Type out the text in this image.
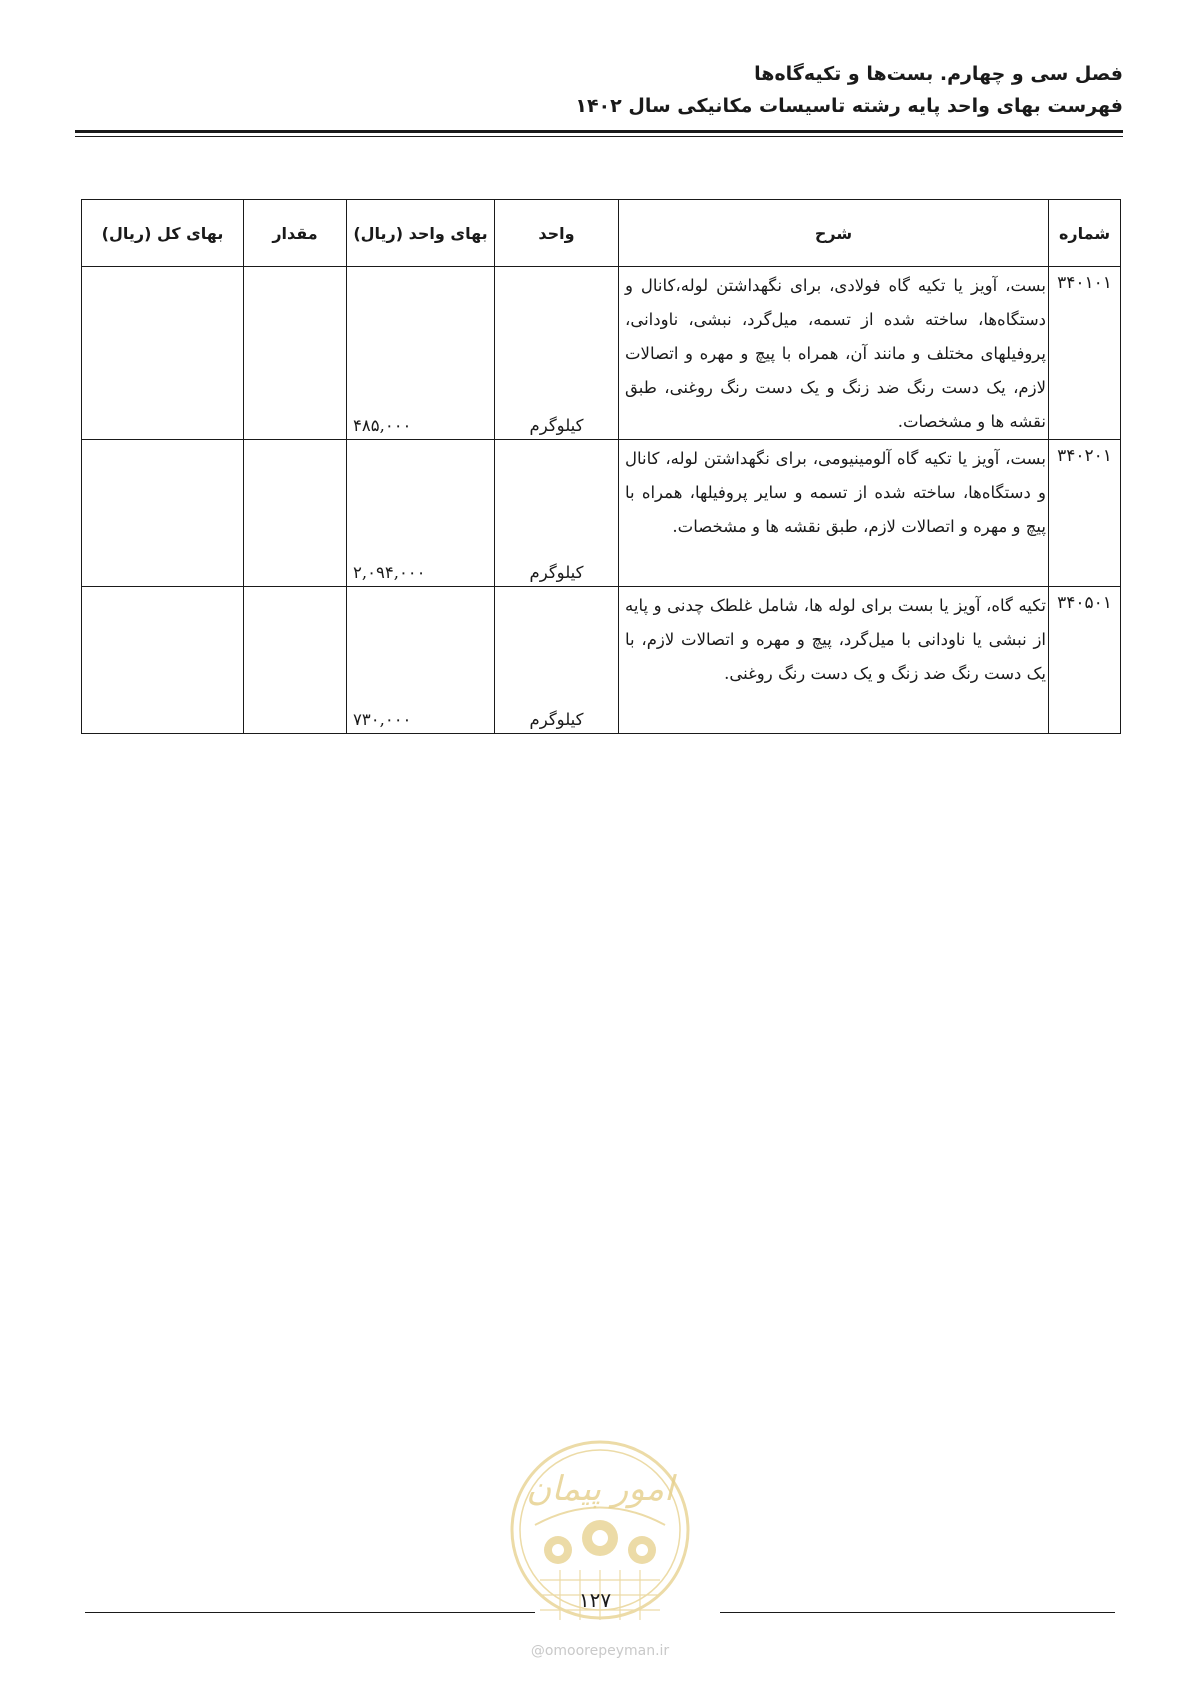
فصل سی و چهارم. بست‌ها و تکیه‌گاه‌ها
فهرست بهای واحد پایه رشته تاسیسات مکانیکی سال ۱۴۰۲
شماره	شرح	واحد	بهای واحد (ریال)	مقدار	بهای کل (ریال)
۳۴۰۱۰۱	بست، آویز یا تکیه گاه فولادی، برای نگهداشتن لوله،کانال و دستگاه‌ها، ساخته شده از تسمه، میل‌گرد، نبشی، ناودانی، پروفیلهای مختلف و مانند آن، همراه با پیچ و مهره و اتصالات لازم، یک دست رنگ ضد زنگ و یک دست رنگ روغنی، طبق نقشه ها و مشخصات.	کیلوگرم	۴۸۵,۰۰۰		
۳۴۰۲۰۱	بست، آویز یا تکیه گاه آلومینیومی، برای نگهداشتن لوله، کانال و دستگاه‌ها، ساخته شده از تسمه و سایر پروفیلها، همراه با پیچ و مهره و اتصالات لازم، طبق نقشه ها و مشخصات.	کیلوگرم	۲,۰۹۴,۰۰۰		
۳۴۰۵۰۱	تکیه گاه، آویز یا بست برای لوله ها، شامل غلطک چدنی و پایه از نبشی یا ناودانی با میل‌گرد، پیچ و مهره و اتصالات لازم، با یک دست رنگ ضد زنگ و یک دست رنگ روغنی.	کیلوگرم	۷۳۰,۰۰۰		
امور پیمان
۱۲۷
@omoorepeyman.ir
